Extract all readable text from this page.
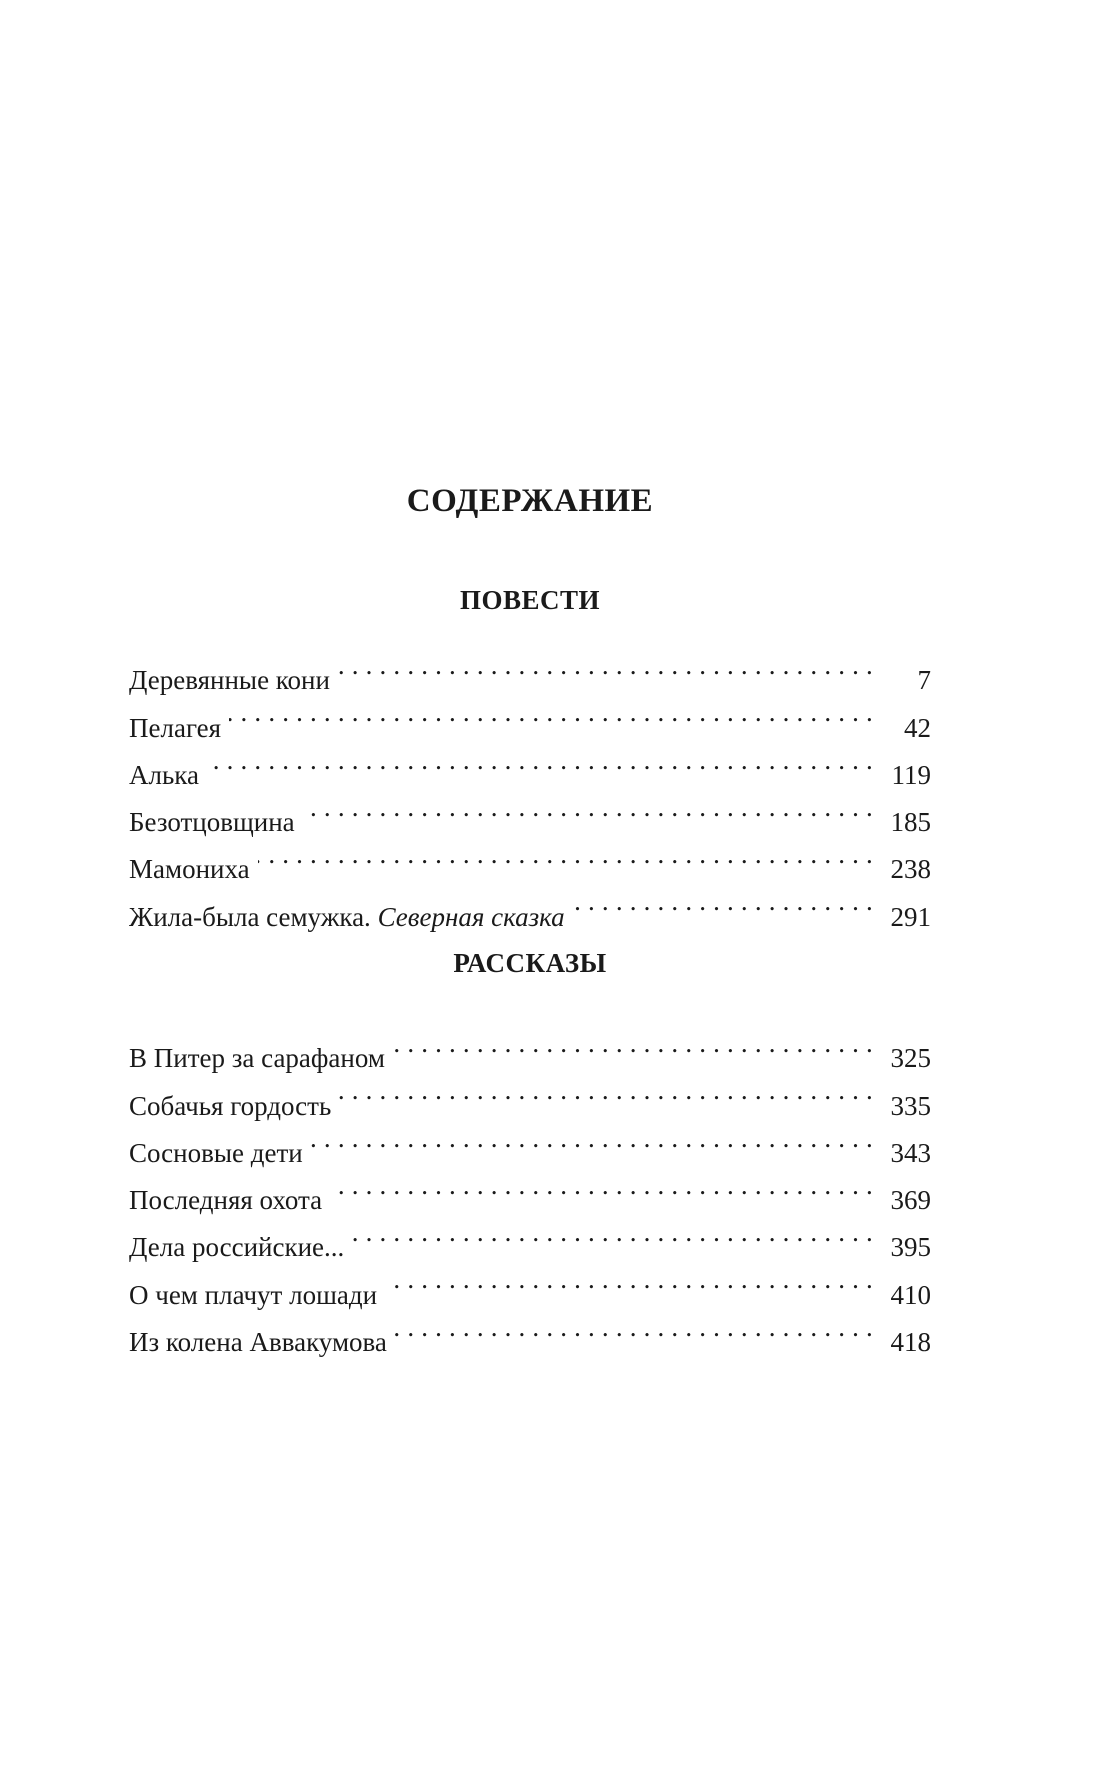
СОДЕРЖАНИЕ
ПОВЕСТИ
Деревянные кони . . .	7
Пелагея . . .	42
Алька . . .	119
Безотцовщина . . .	185
Мамониха . . .	238
Жила-была семужка. Северная сказка . . .	291
РАССКАЗЫ
В Питер за сарафаном . . .	325
Собачья гордость . . .	335
Сосновые дети . . .	343
Последняя охота . . .	369
Дела российские... . . .	395
О чем плачут лошади . . .	410
Из колена Аввакумова . . .	418
